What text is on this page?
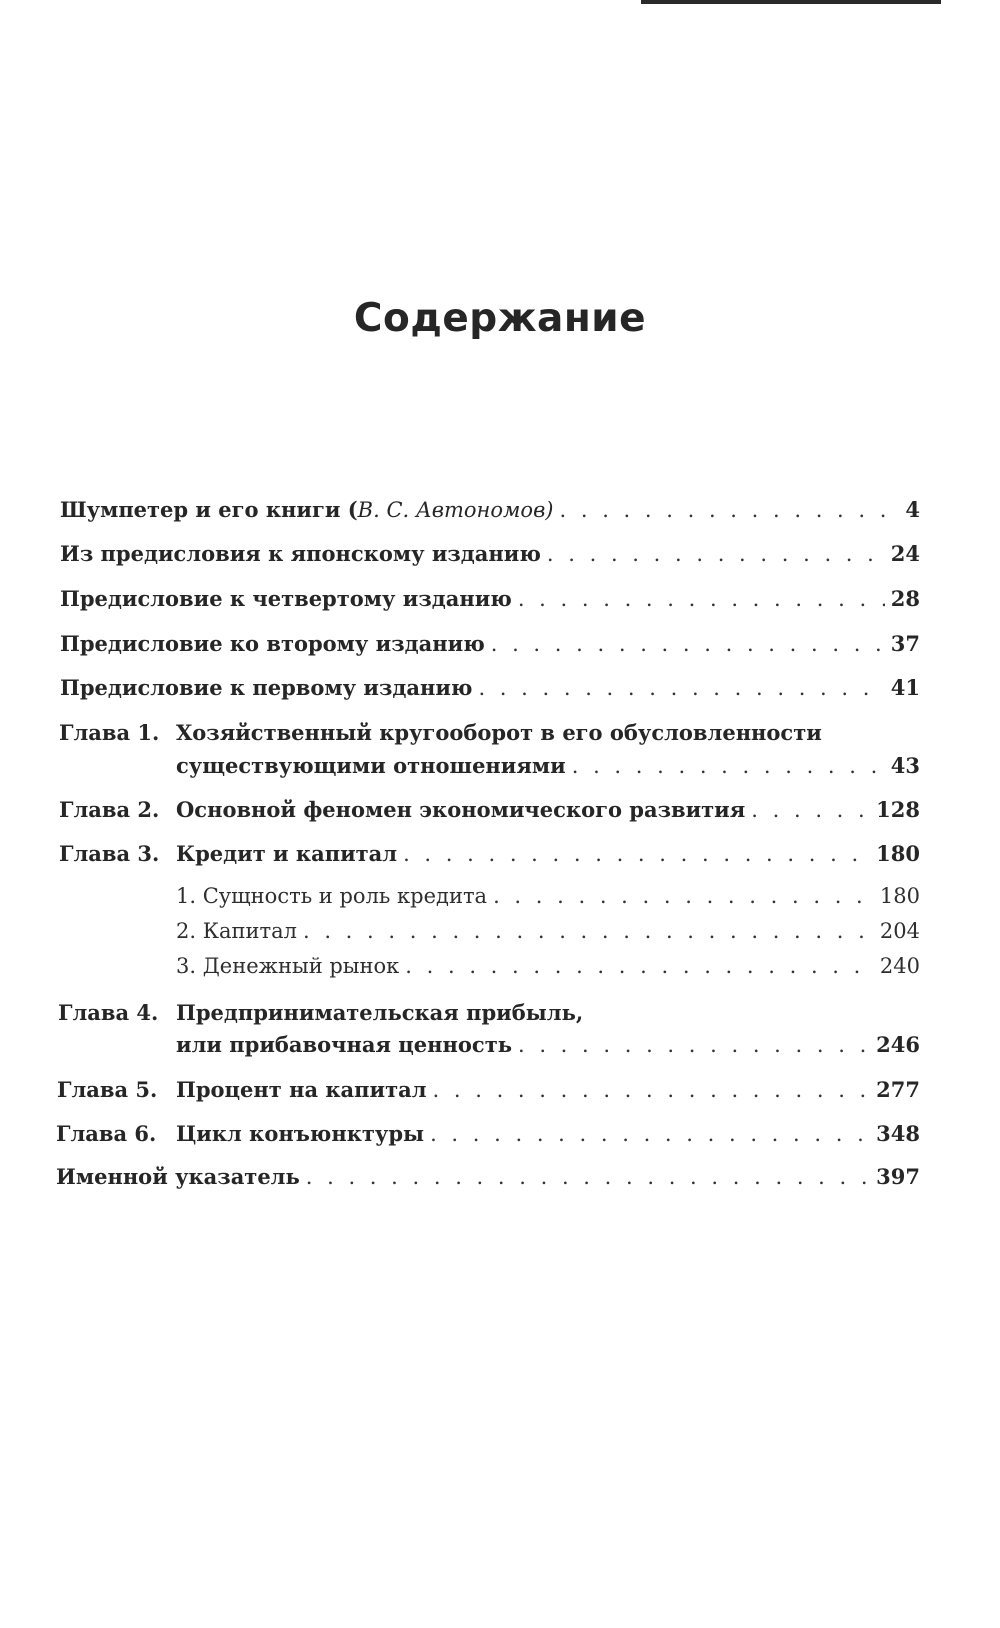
Содержание
Шумпетер и его книги (В. С. Автономов) . . .	4
Из предисловия к японскому изданию . . .	24
Предисловие к четвертому изданию . . .	28
Предисловие ко второму изданию . . .	37
Предисловие к первому изданию . . .	41
Глава 1. Хозяйственный кругооборот в его обусловленности
существующими отношениями . . .	43
Глава 2. Основной феномен экономического развития . . .	128
Глава 3. Кредит и капитал . . .	180
1. Сущность и роль кредита . . .	180
2. Капитал . . .	204
3. Денежный рынок . . .	240
Глава 4. Предпринимательская прибыль,
или прибавочная ценность . . .	246
Глава 5. Процент на капитал . . .	277
Глава 6. Цикл конъюнктуры . . .	348
Именной указатель . . .	397
